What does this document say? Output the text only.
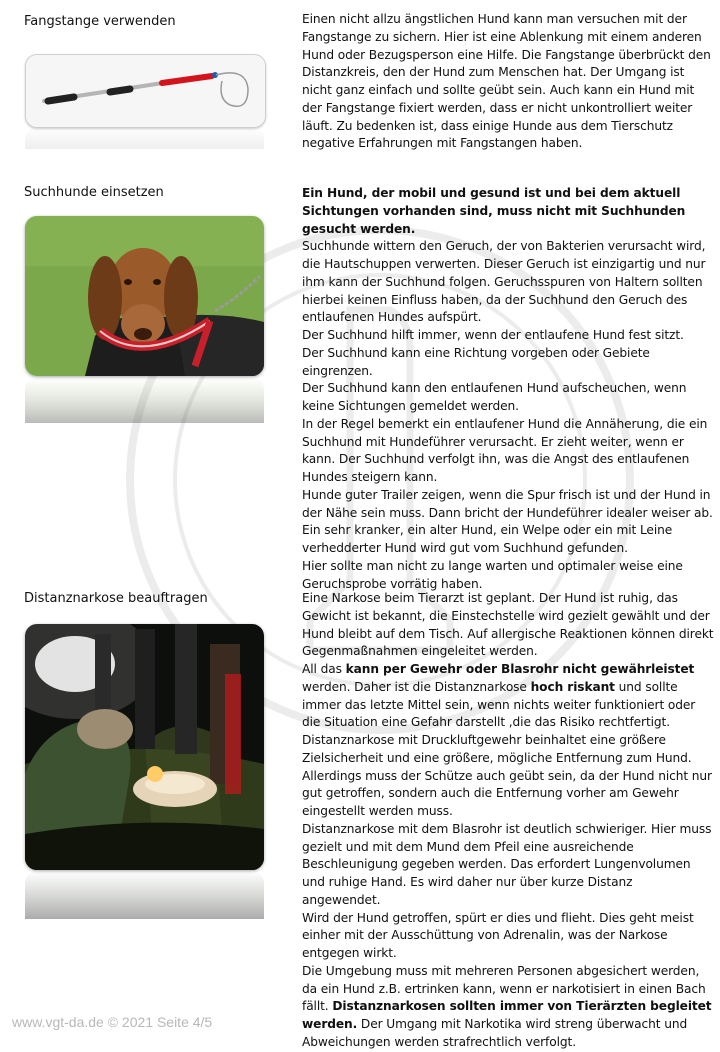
Fangstange verwenden	Einen nicht allzu ängstlichen Hund kann man versuchen mit der Fangstange zu sichern. Hier ist eine Ablenkung mit einem anderen Hund oder Bezugsperson eine Hilfe. Die Fangstange überbrückt den Distanzkreis, den der Hund zum Menschen hat. Der Umgang ist nicht ganz einfach und sollte geübt sein. Auch kann ein Hund mit der Fangstange fixiert werden, dass er nicht unkontrolliert weiter läuft. Zu bedenken ist, dass einige Hunde aus dem Tierschutz negative Erfahrungen mit Fangstangen haben.

Suchhunde einsetzen	Ein Hund, der mobil und gesund ist und bei dem aktuell Sichtungen vorhanden sind, muss nicht mit Suchhunden gesucht werden.

Suchhunde wittern den Geruch, der von Bakterien verursacht wird, die Hautschuppen verwerten. Dieser Geruch ist einzigartig und nur ihm kann der Suchhund folgen. Geruchsspuren von Haltern sollten hierbei keinen Einfluss haben, da der Suchhund den Geruch des entlaufenen Hundes aufspürt.

Der Suchhund hilft immer, wenn der entlaufene Hund fest sitzt.

Der Suchhund kann eine Richtung vorgeben oder Gebiete eingrenzen.

Der Suchhund kann den entlaufenen Hund aufscheuchen, wenn keine Sichtungen gemeldet werden.

In der Regel bemerkt ein entlaufener Hund die Annäherung, die ein Suchhund mit Hundeführer verursacht. Er zieht weiter, wenn er kann. Der Suchhund verfolgt ihn, was die Angst des entlaufenen Hundes steigern kann.

Hunde guter Trailer zeigen, wenn die Spur frisch ist und der Hund in der Nähe sein muss. Dann bricht der Hundeführer idealer weiser ab. Ein sehr kranker, ein alter Hund, ein Welpe oder ein mit Leine verhedderter Hund wird gut vom Suchhund gefunden.

Hier sollte man nicht zu lange warten und optimaler weise eine Geruchsprobe vorrätig haben.

Distanznarkose beauftragen	Eine Narkose beim Tierarzt ist geplant. Der Hund ist ruhig, das Gewicht ist bekannt, die Einstechstelle wird gezielt gewählt und der Hund bleibt auf dem Tisch. Auf allergische Reaktionen können direkt Gegenmaßnahmen eingeleitet werden.

All das kann per Gewehr oder Blasrohr nicht gewährleistet werden. Daher ist die Distanznarkose hoch riskant und sollte immer das letzte Mittel sein, wenn nichts weiter funktioniert oder die Situation eine Gefahr darstellt ,die das Risiko rechtfertigt.

Distanznarkose mit Druckluftgewehr beinhaltet eine größere Zielsicherheit und eine größere, mögliche Entfernung zum Hund. Allerdings muss der Schütze auch geübt sein, da der Hund nicht nur gut getroffen, sondern auch die Entfernung vorher am Gewehr eingestellt werden muss.

Distanznarkose mit dem Blasrohr ist deutlich schwieriger. Hier muss gezielt und mit dem Mund dem Pfeil eine ausreichende Beschleunigung gegeben werden. Das erfordert Lungenvolumen und ruhige Hand. Es wird daher nur über kurze Distanz angewendet.

Wird der Hund getroffen, spürt er dies und flieht. Dies geht meist einher mit der Ausschüttung von Adrenalin, was der Narkose entgegen wirkt.

Die Umgebung muss mit mehreren Personen abgesichert werden, da ein Hund z.B. ertrinken kann, wenn er narkotisiert in einen Bach fällt. Distanznarkosen sollten immer von Tierärzten begleitet werden. Der Umgang mit Narkotika wird streng überwacht und Abweichungen werden strafrechtlich verfolgt.

www.vgt-da.de © 2021 Seite 4/5
